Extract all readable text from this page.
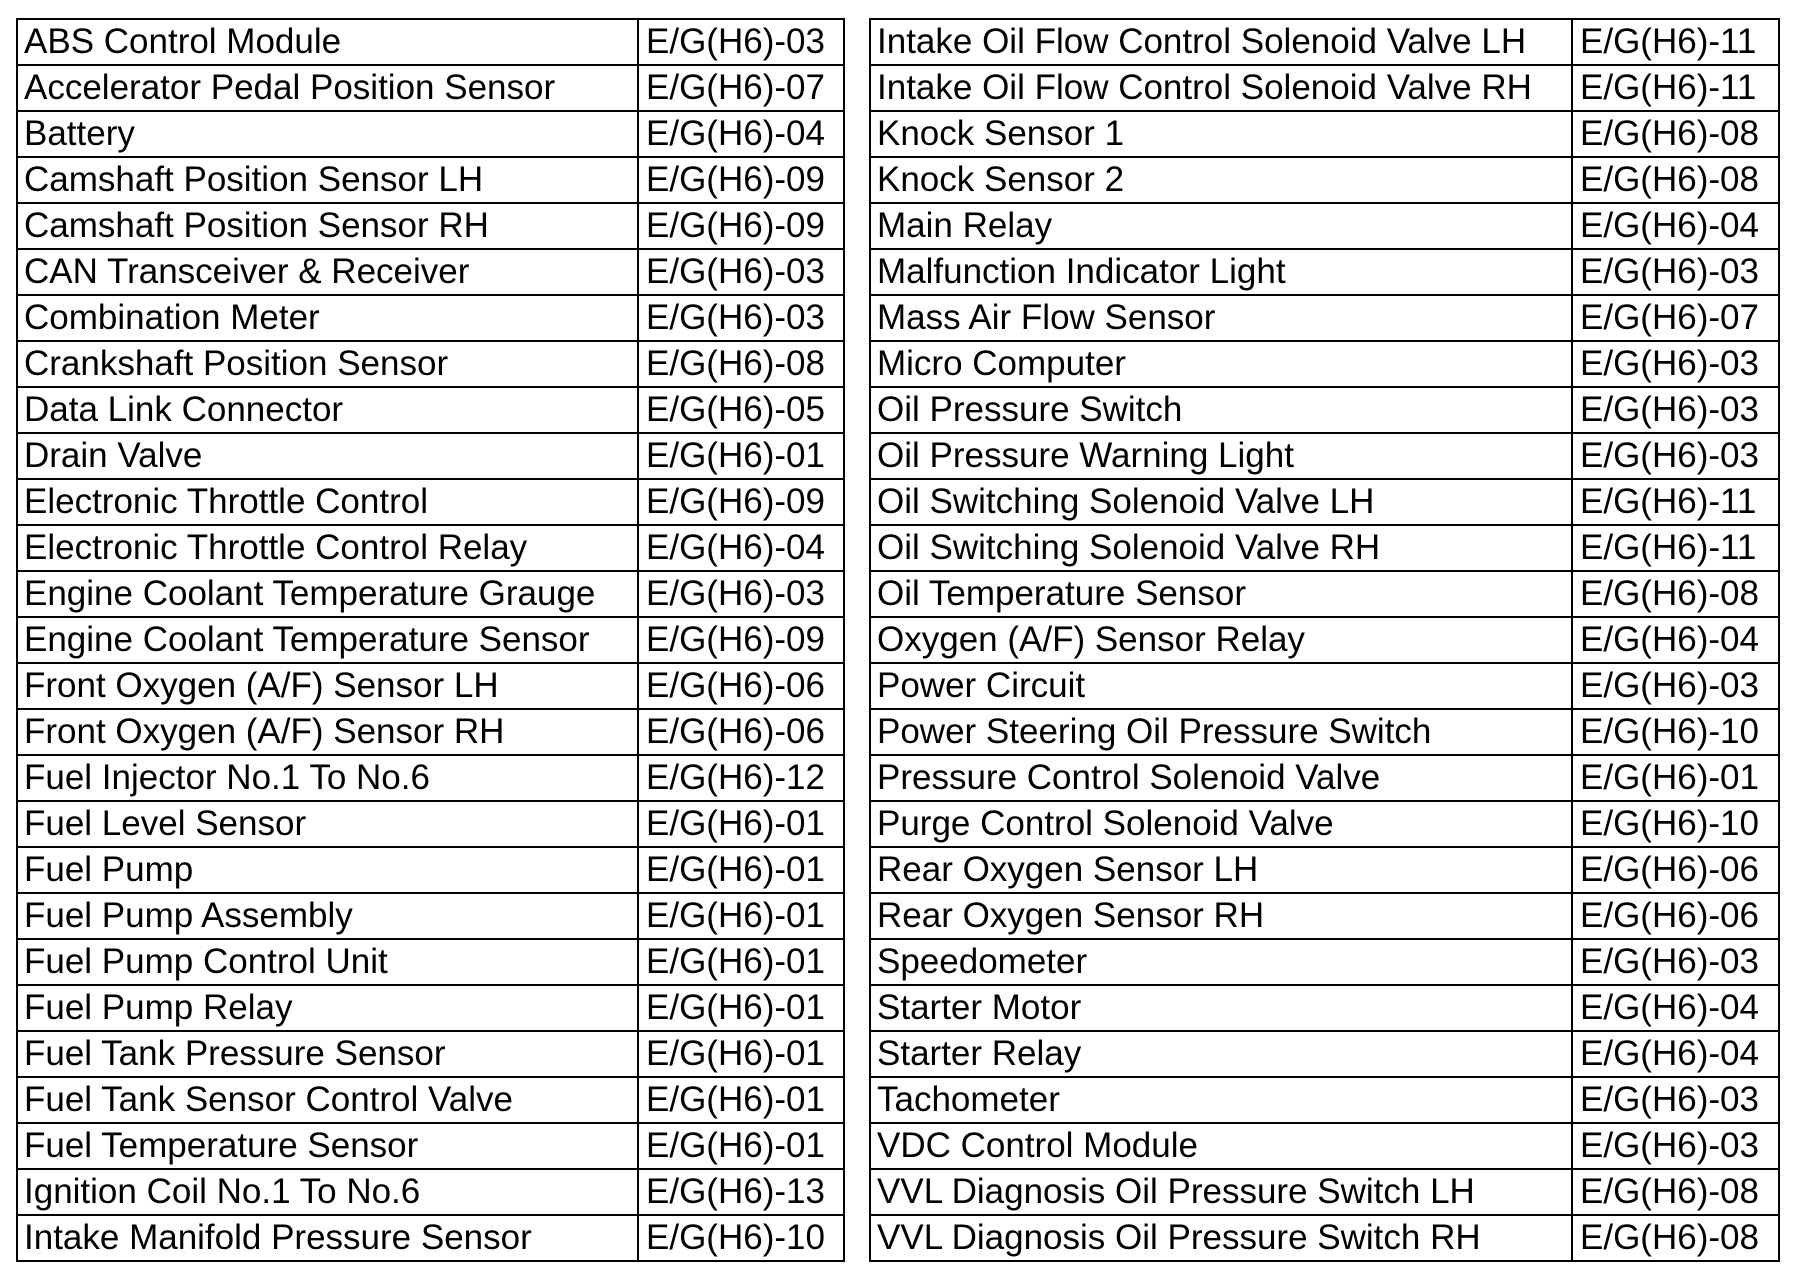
ABS Control Module	E/G(H6)-03
Accelerator Pedal Position Sensor	E/G(H6)-07
Battery	E/G(H6)-04
Camshaft Position Sensor LH	E/G(H6)-09
Camshaft Position Sensor RH	E/G(H6)-09
CAN Transceiver & Receiver	E/G(H6)-03
Combination Meter	E/G(H6)-03
Crankshaft Position Sensor	E/G(H6)-08
Data Link Connector	E/G(H6)-05
Drain Valve	E/G(H6)-01
Electronic Throttle Control	E/G(H6)-09
Electronic Throttle Control Relay	E/G(H6)-04
Engine Coolant Temperature Grauge	E/G(H6)-03
Engine Coolant Temperature Sensor	E/G(H6)-09
Front Oxygen (A/F) Sensor LH	E/G(H6)-06
Front Oxygen (A/F) Sensor RH	E/G(H6)-06
Fuel Injector No.1 To No.6	E/G(H6)-12
Fuel Level Sensor	E/G(H6)-01
Fuel Pump	E/G(H6)-01
Fuel Pump Assembly	E/G(H6)-01
Fuel Pump Control Unit	E/G(H6)-01
Fuel Pump Relay	E/G(H6)-01
Fuel Tank Pressure Sensor	E/G(H6)-01
Fuel Tank Sensor Control Valve	E/G(H6)-01
Fuel Temperature Sensor	E/G(H6)-01
Ignition Coil No.1 To No.6	E/G(H6)-13
Intake Manifold Pressure Sensor	E/G(H6)-10
Intake Oil Flow Control Solenoid Valve LH	E/G(H6)-11
Intake Oil Flow Control Solenoid Valve RH	E/G(H6)-11
Knock Sensor 1	E/G(H6)-08
Knock Sensor 2	E/G(H6)-08
Main Relay	E/G(H6)-04
Malfunction Indicator Light	E/G(H6)-03
Mass Air Flow Sensor	E/G(H6)-07
Micro Computer	E/G(H6)-03
Oil Pressure Switch	E/G(H6)-03
Oil Pressure Warning Light	E/G(H6)-03
Oil Switching Solenoid Valve LH	E/G(H6)-11
Oil Switching Solenoid Valve RH	E/G(H6)-11
Oil Temperature Sensor	E/G(H6)-08
Oxygen (A/F) Sensor Relay	E/G(H6)-04
Power Circuit	E/G(H6)-03
Power Steering Oil Pressure Switch	E/G(H6)-10
Pressure Control Solenoid Valve	E/G(H6)-01
Purge Control Solenoid Valve	E/G(H6)-10
Rear Oxygen Sensor LH	E/G(H6)-06
Rear Oxygen Sensor RH	E/G(H6)-06
Speedometer	E/G(H6)-03
Starter Motor	E/G(H6)-04
Starter Relay	E/G(H6)-04
Tachometer	E/G(H6)-03
VDC Control Module	E/G(H6)-03
VVL Diagnosis Oil Pressure Switch LH	E/G(H6)-08
VVL Diagnosis Oil Pressure Switch RH	E/G(H6)-08
